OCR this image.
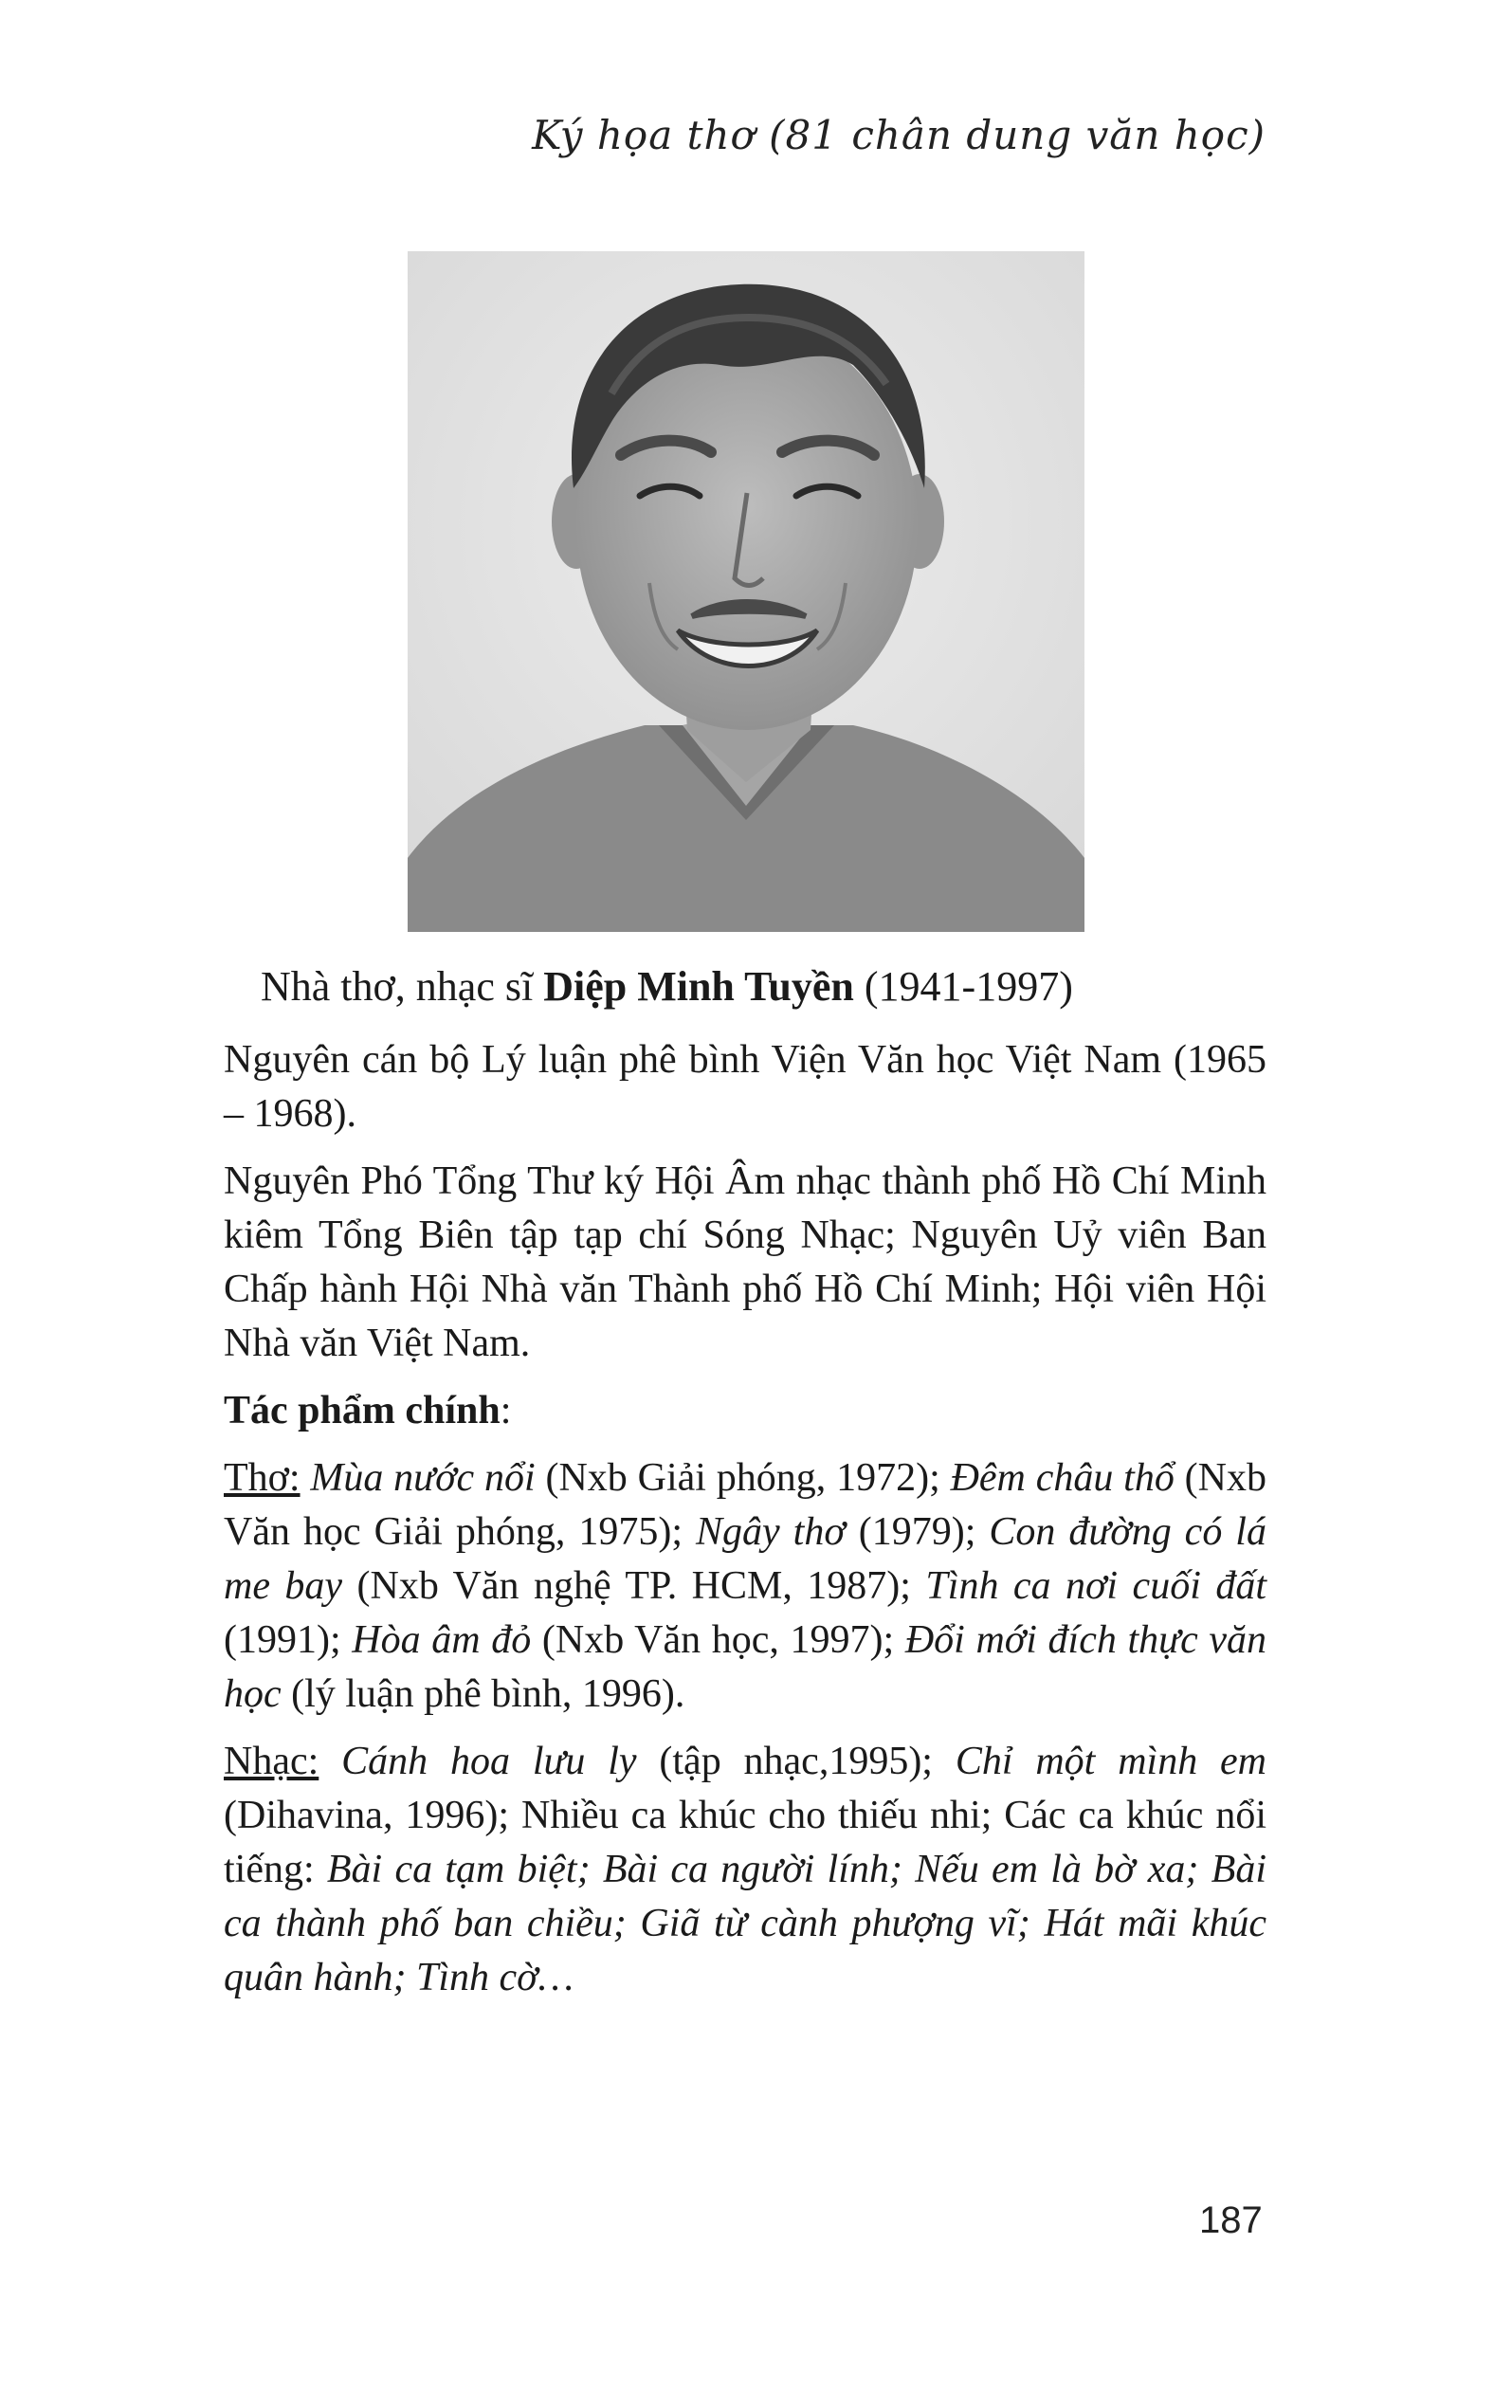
Ký họa thơ (81 chân dung văn học)
Nhà thơ, nhạc sĩ Diệp Minh Tuyền (1941-1997)

Nguyên cán bộ Lý luận phê bình Viện Văn học Việt Nam (1965 – 1968).

Nguyên Phó Tổng Thư ký Hội Âm nhạc thành phố Hồ Chí Minh kiêm Tổng Biên tập tạp chí Sóng Nhạc; Nguyên Uỷ viên Ban Chấp hành Hội Nhà văn Thành phố Hồ Chí Minh; Hội viên Hội Nhà văn Việt Nam.

Tác phẩm chính:

Thơ: Mùa nước nổi (Nxb Giải phóng, 1972); Đêm châu thổ (Nxb Văn học Giải phóng, 1975); Ngây thơ (1979); Con đường có lá me bay (Nxb Văn nghệ TP. HCM, 1987); Tình ca nơi cuối đất (1991); Hòa âm đỏ (Nxb Văn học, 1997); Đổi mới đích thực văn học (lý luận phê bình, 1996).

Nhạc: Cánh hoa lưu ly (tập nhạc,1995); Chỉ một mình em (Dihavina, 1996); Nhiều ca khúc cho thiếu nhi; Các ca khúc nổi tiếng: Bài ca tạm biệt; Bài ca người lính; Nếu em là bờ xa; Bài ca thành phố ban chiều; Giã từ cành phượng vĩ; Hát mãi khúc quân hành; Tình cờ…

187
